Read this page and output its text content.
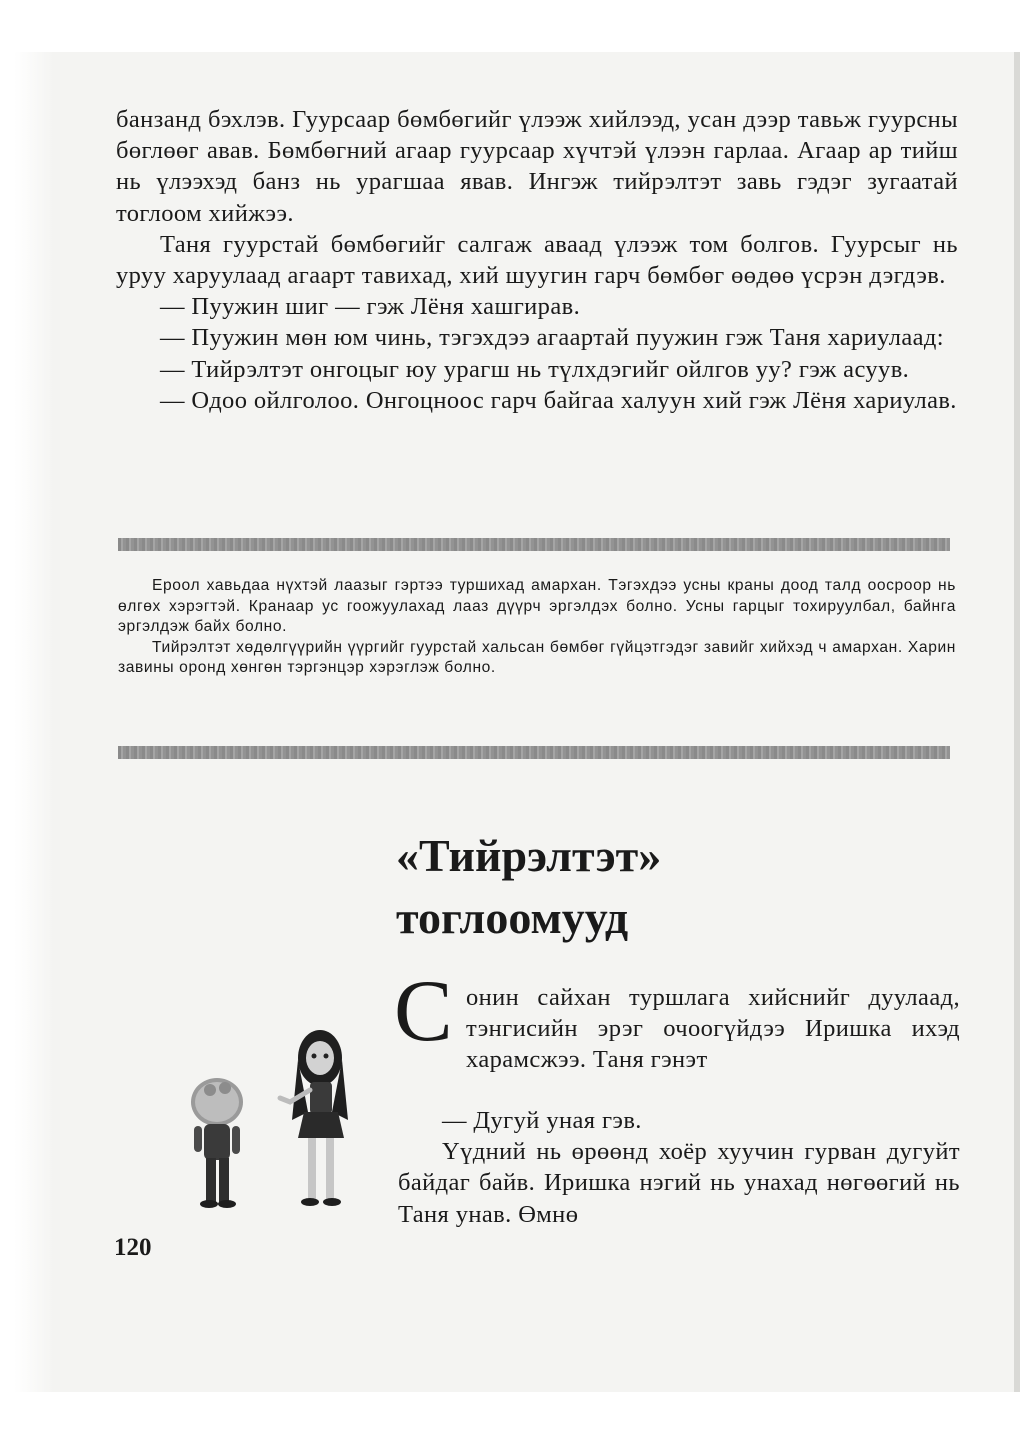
банзанд бэхлэв. Гуурсаар бөмбөгийг үлээж хийлээд, усан дээр тавьж гуурсны бөглөөг авав. Бөмбөгний агаар гуурсаар хүчтэй үлээн гарлаа. Агаар ар тийш нь үлээхэд банз нь урагшаа явав. Ингэж тийрэлтэт завь гэдэг зугаатай тоглоом хийжээ.

Таня гуурстай бөмбөгийг салгаж аваад үлээж том болгов. Гуурсыг нь уруу харуулаад агаарт тавихад, хий шуугин гарч бөмбөг өөдөө үсрэн дэгдэв.

— Пуужин шиг — гэж Лёня хашгирав.

— Пуужин мөн юм чинь, тэгэхдээ агаартай пуужин гэж Таня хариулаад:

— Тийрэлтэт онгоцыг юу урагш нь түлхдэгийг ойлгов уу? гэж асуув.

— Одоо ойлголоо. Онгоцноос гарч байгаа халуун хий гэж Лёня хариулав.

Ероол хавьдаа нүхтэй лаазыг гэртээ туршихад амархан. Тэгэхдээ усны краны доод талд оосроор нь өлгөх хэрэгтэй. Кранаар ус гоожуулахад лааз дүүрч эргэлдэх болно. Усны гарцыг тохируулбал, байнга эргэлдэж байх болно.

Тийрэлтэт хөдөлгүүрийн үүргийг гуурстай хальсан бөмбөг гүйцэтгэдэг завийг хийхэд ч амархан. Харин завины оронд хөнгөн тэргэнцэр хэрэглэж болно.

«Тийрэлтэт»
тоглоомууд
С онин сайхан туршлага хийснийг дуулаад, тэнгисийн эрэг очоогүйдээ Иришка ихэд харамсжээ. Таня гэнэт

— Дугуй уная гэв.

Үүдний нь өрөөнд хоёр хуучин гурван дугуйт байдаг байв. Иришка нэгий нь унахад нөгөөгий нь Таня унав. Өмнө

120
